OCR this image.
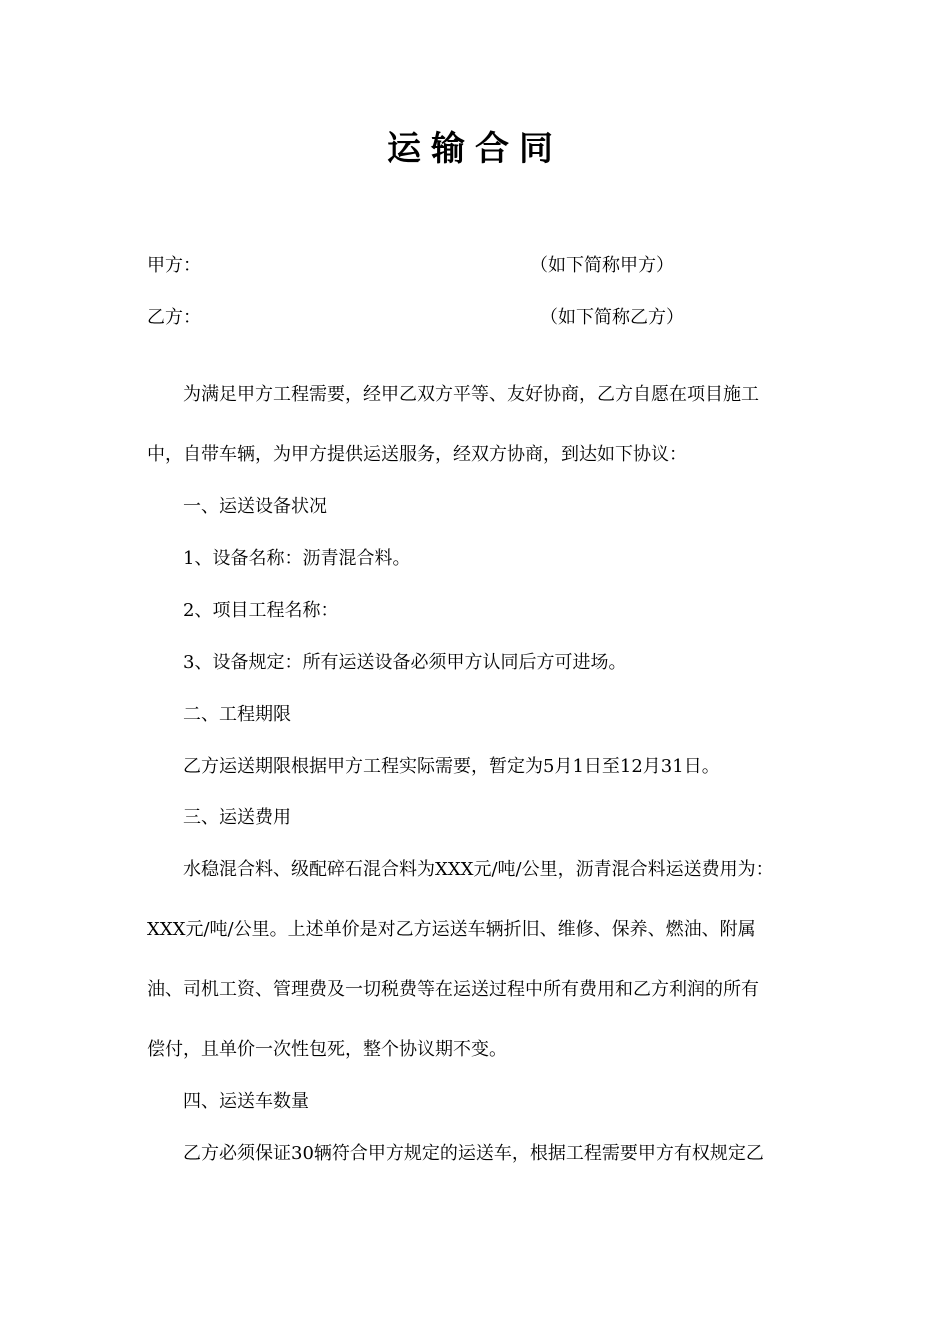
运输合同
甲方：	（如下简称甲方）
乙方：	（如下简称乙方）
为满足甲方工程需要，经甲乙双方平等、友好协商，乙方自愿在项目施工
中，自带车辆，为甲方提供运送服务，经双方协商，到达如下协议：
一、运送设备状况
1、设备名称：沥青混合料。
2、项目工程名称：
3、设备规定：所有运送设备必须甲方认同后方可进场。
二、工程期限
乙方运送期限根据甲方工程实际需要，暂定为5月1日至12月31日。
三、运送费用
水稳混合料、级配碎石混合料为XXX元/吨/公里，沥青混合料运送费用为：
XXX元/吨/公里。上述单价是对乙方运送车辆折旧、维修、保养、燃油、附属
油、司机工资、管理费及一切税费等在运送过程中所有费用和乙方利润的所有
偿付，且单价一次性包死，整个协议期不变。
四、运送车数量
乙方必须保证30辆符合甲方规定的运送车，根据工程需要甲方有权规定乙
